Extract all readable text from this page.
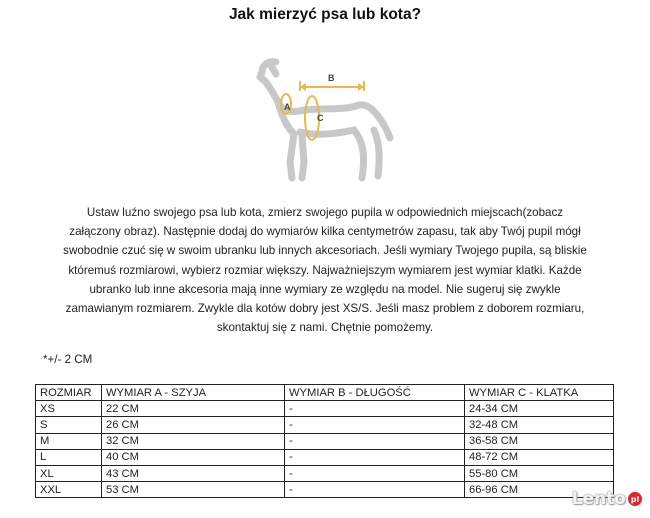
Jak mierzyć psa lub kota?
A
B
C
Ustaw luźno swojego psa lub kota, zmierz swojego pupila w odpowiednich miejscach(zobacz
załączony obraz). Następnie dodaj do wymiarów kilka centymetrów zapasu, tak aby Twój pupil mógł
swobodnie czuć się w swoim ubranku lub innych akcesoriach. Jeśli wymiary Twojego pupila, są bliskie
któremuś rozmiarowi, wybierz rozmiar większy. Najważniejszym wymiarem jest wymiar klatki. Każde
ubranko lub inne akcesoria mają inne wymiary ze względu na model. Nie sugeruj się zwykle
zamawianym rozmiarem. Zwykle dla kotów dobry jest XS/S. Jeśli masz problem z doborem rozmiaru,
skontaktuj się z nami. Chętnie pomożemy.
*+/- 2 CM
ROZMIAR	WYMIAR A - SZYJA	WYMIAR B - DŁUGOŚĆ	WYMIAR C - KLATKA
XS	22 CM	-	24-34 CM
S	26 CM	-	32-48 CM
M	32 CM	-	36-58 CM
L	40 CM	-	48-72 CM
XL	43 CM	-	55-80 CM
XXL	53 CM	-	66-96 CM	Lento pl
